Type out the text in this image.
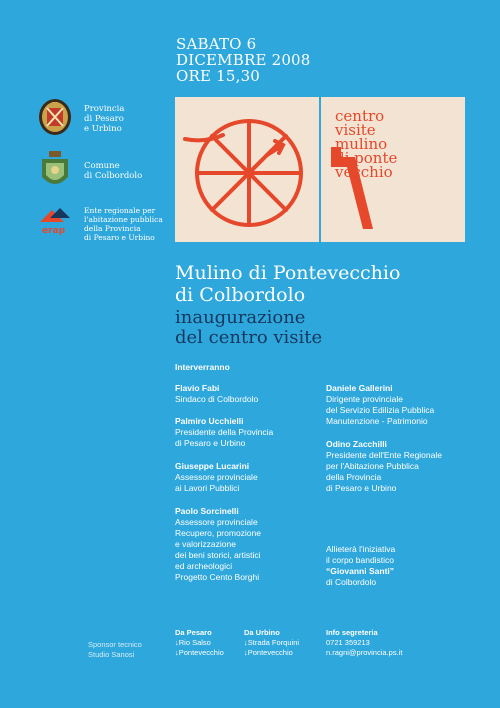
SABATO 6
DICEMBRE 2008
ORE 15,30
Provincia
di Pesaro
e Urbino
Comune
di Colbordolo
erap
Ente regionale per
l'abitazione pubblica
della Provincia
di Pesaro e Urbino
centro
visite
mulino
di ponte
vecchio
Mulino di Pontevecchio
di Colbordolo
inaugurazione
del centro visite
Interverranno
Flavio Fabi
Sindaco di Colbordolo
Palmiro Ucchielli
Presidente della Provincia
di Pesaro e Urbino
Giuseppe Lucarini
Assessore provinciale
ai Lavori Pubblici
Paolo Sorcinelli
Assessore provinciale
Recupero, promozione
e valorizzazione
dei beni storici, artistici
ed archeologici
Progetto Cento Borghi
Daniele Gallerini
Dirigente provinciale
del Servizio Edilizia Pubblica
Manutenzione - Patrimonio
Odino Zacchilli
Presidente dell'Ente Regionale
per l'Abitazione Pubblica
della Provincia
di Pesaro e Urbino
Allieterà l'iniziativa
il corpo bandistico
“Giovanni Santi”
di Colbordolo
Sponsor tecnico
Studio Sanosi
Da Pesaro
↓Rio Salso
↓Pontevecchio
Da Urbino
↓Strada Forquini
↓Pontevecchio
Info segreteria
0721 359213
n.ragni@provincia.ps.it
